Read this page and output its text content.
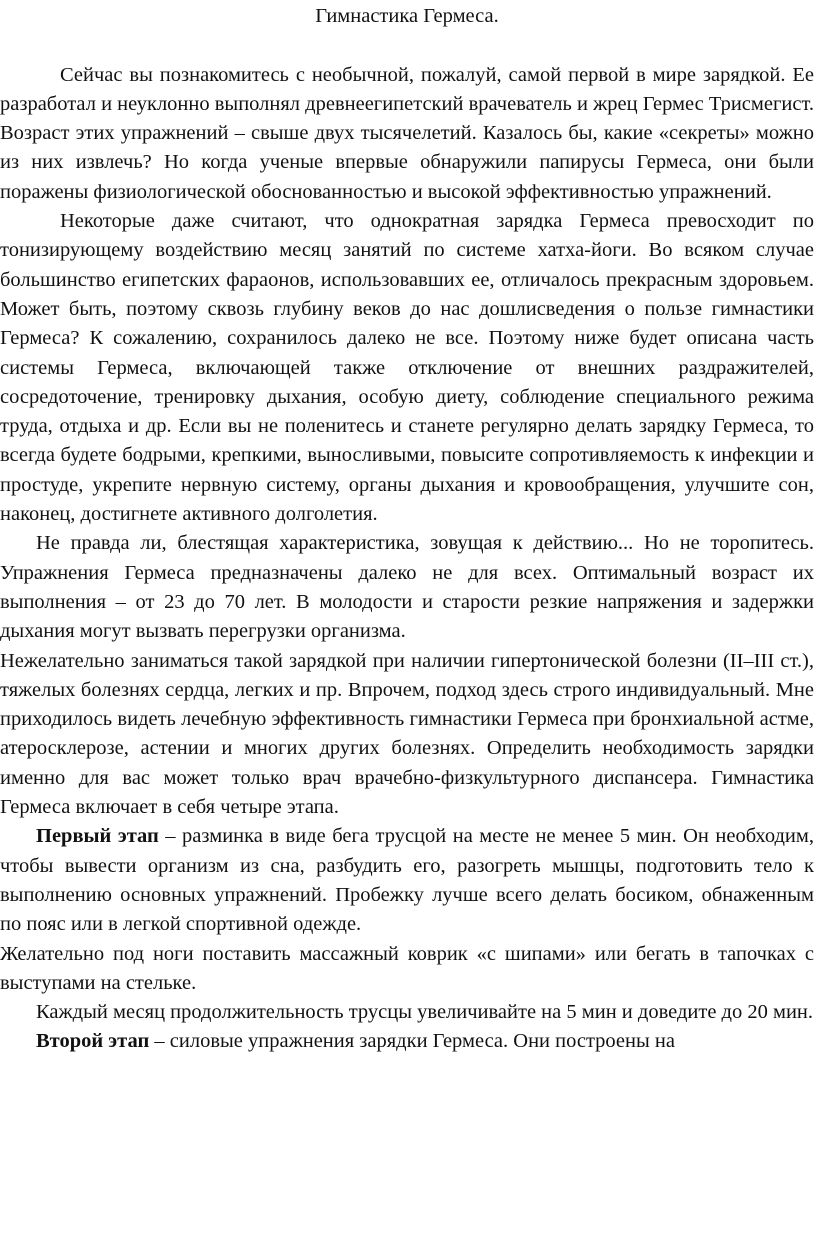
Гимнастика Гермеса.

Сейчас вы познакомитесь с необычной, пожалуй, самой первой в мире зарядкой. Ее разработал и неуклонно выполнял древнеегипетский врачеватель и жрец Гермес Трисмегист. Возраст этих упражнений – свыше двух тысячелетий. Казалось бы, какие «секреты» можно из них извлечь? Но когда ученые впервые обнаружили папирусы Гермеса, они были поражены физиологической обоснованностью и высокой эффективностью упражнений.

Некоторые даже считают, что однократная зарядка Гермеса превосходит по тонизирующему воздействию месяц занятий по системе хатха-йоги. Во всяком случае большинство египетских фараонов, использовавших ее, отличалось прекрасным здоровьем. Может быть, поэтому сквозь глубину веков до нас дошлисведения о пользе гимнастики Гермеса? К сожалению, сохранилось далеко не все. Поэтому ниже будет описана часть системы Гермеса, включающей также отключение от внешних раздражителей, сосредоточение, тренировку дыхания, особую диету, соблюдение специального режима труда, отдыха и др. Если вы не поленитесь и станете регулярно делать зарядку Гермеса, то всегда будете бодрыми, крепкими, выносливыми, повысите сопротивляемость к инфекции и простуде, укрепите нервную систему, органы дыхания и кровообращения, улучшите сон, наконец, достигнете активного долголетия.

Не правда ли, блестящая характеристика, зовущая к действию... Но не торопитесь. Упражнения Гермеса предназначены далеко не для всех. Оптимальный возраст их выполнения – от 23 до 70 лет. В молодости и старости резкие напряжения и задержки дыхания могут вызвать перегрузки организма.

Нежелательно заниматься такой зарядкой при наличии гипертонической болезни (II–III ст.), тяжелых болезнях сердца, легких и пр. Впрочем, подход здесь строго индивидуальный. Мне приходилось видеть лечебную эффективность гимнастики Гермеса при бронхиальной астме, атеросклерозе, астении и многих других болезнях. Определить необходимость зарядки именно для вас может только врач врачебно-физкультурного диспансера. Гимнастика Гермеса включает в себя четыре этапа.

Первый этап – разминка в виде бега трусцой на месте не менее 5 мин. Он необходим, чтобы вывести организм из сна, разбудить его, разогреть мышцы, подготовить тело к выполнению основных упражнений. Пробежку лучше всего делать босиком, обнаженным по пояс или в легкой спортивной одежде.

Желательно под ноги поставить массажный коврик «с шипами» или бегать в тапочках с выступами на стельке.

Каждый месяц продолжительность трусцы увеличивайте на 5 мин и доведите до 20 мин.

Второй этап – силовые упражнения зарядки Гермеса. Они построены на
